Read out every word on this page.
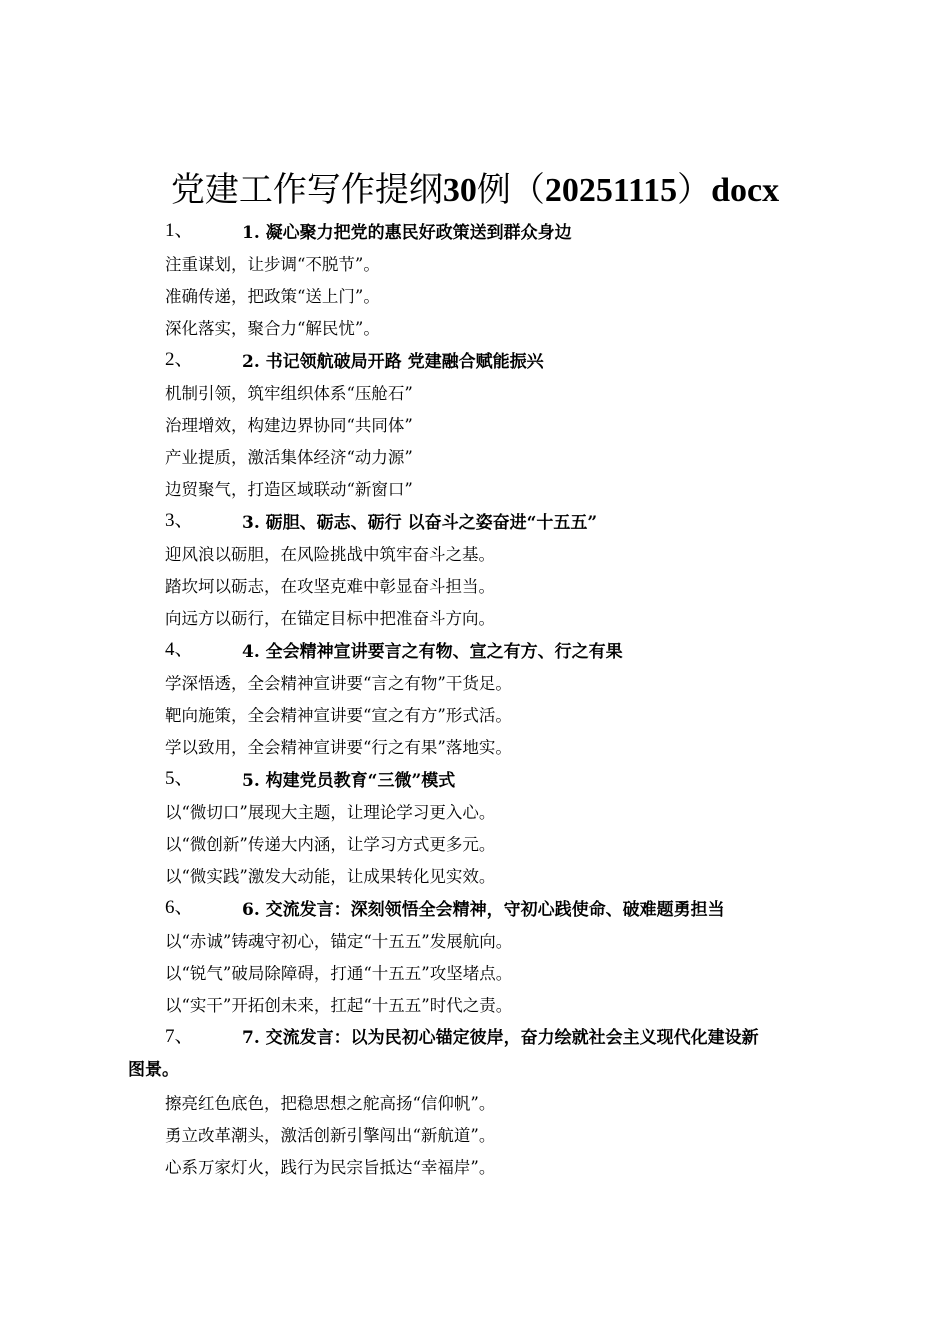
党建工作写作提纲30例（20251115）docx
1、	1. 凝心聚力把党的惠民好政策送到群众身边
注重谋划，让步调“不脱节”。
准确传递，把政策“送上门”。
深化落实，聚合力“解民忧”。
2、	2. 书记领航破局开路 党建融合赋能振兴
机制引领，筑牢组织体系“压舱石”
治理增效，构建边界协同“共同体”
产业提质，激活集体经济“动力源”
边贸聚气，打造区域联动“新窗口”
3、	3. 砺胆、砺志、砺行 以奋斗之姿奋进“十五五”
迎风浪以砺胆，在风险挑战中筑牢奋斗之基。
踏坎坷以砺志，在攻坚克难中彰显奋斗担当。
向远方以砺行，在锚定目标中把准奋斗方向。
4、	4. 全会精神宣讲要言之有物、宣之有方、行之有果
学深悟透，全会精神宣讲要“言之有物”干货足。
靶向施策，全会精神宣讲要“宣之有方”形式活。
学以致用，全会精神宣讲要“行之有果”落地实。
5、	5. 构建党员教育“三微”模式
以“微切口”展现大主题，让理论学习更入心。
以“微创新”传递大内涵，让学习方式更多元。
以“微实践”激发大动能，让成果转化见实效。
6、	6. 交流发言：深刻领悟全会精神，守初心践使命、破难题勇担当
以“赤诚”铸魂守初心，锚定“十五五”发展航向。
以“锐气”破局除障碍，打通“十五五”攻坚堵点。
以“实干”开拓创未来，扛起“十五五”时代之责。
7、	7. 交流发言：以为民初心锚定彼岸，奋力绘就社会主义现代化建设新
图景。
擦亮红色底色，把稳思想之舵高扬“信仰帆”。
勇立改革潮头，激活创新引擎闯出“新航道”。
心系万家灯火，践行为民宗旨抵达“幸福岸”。
